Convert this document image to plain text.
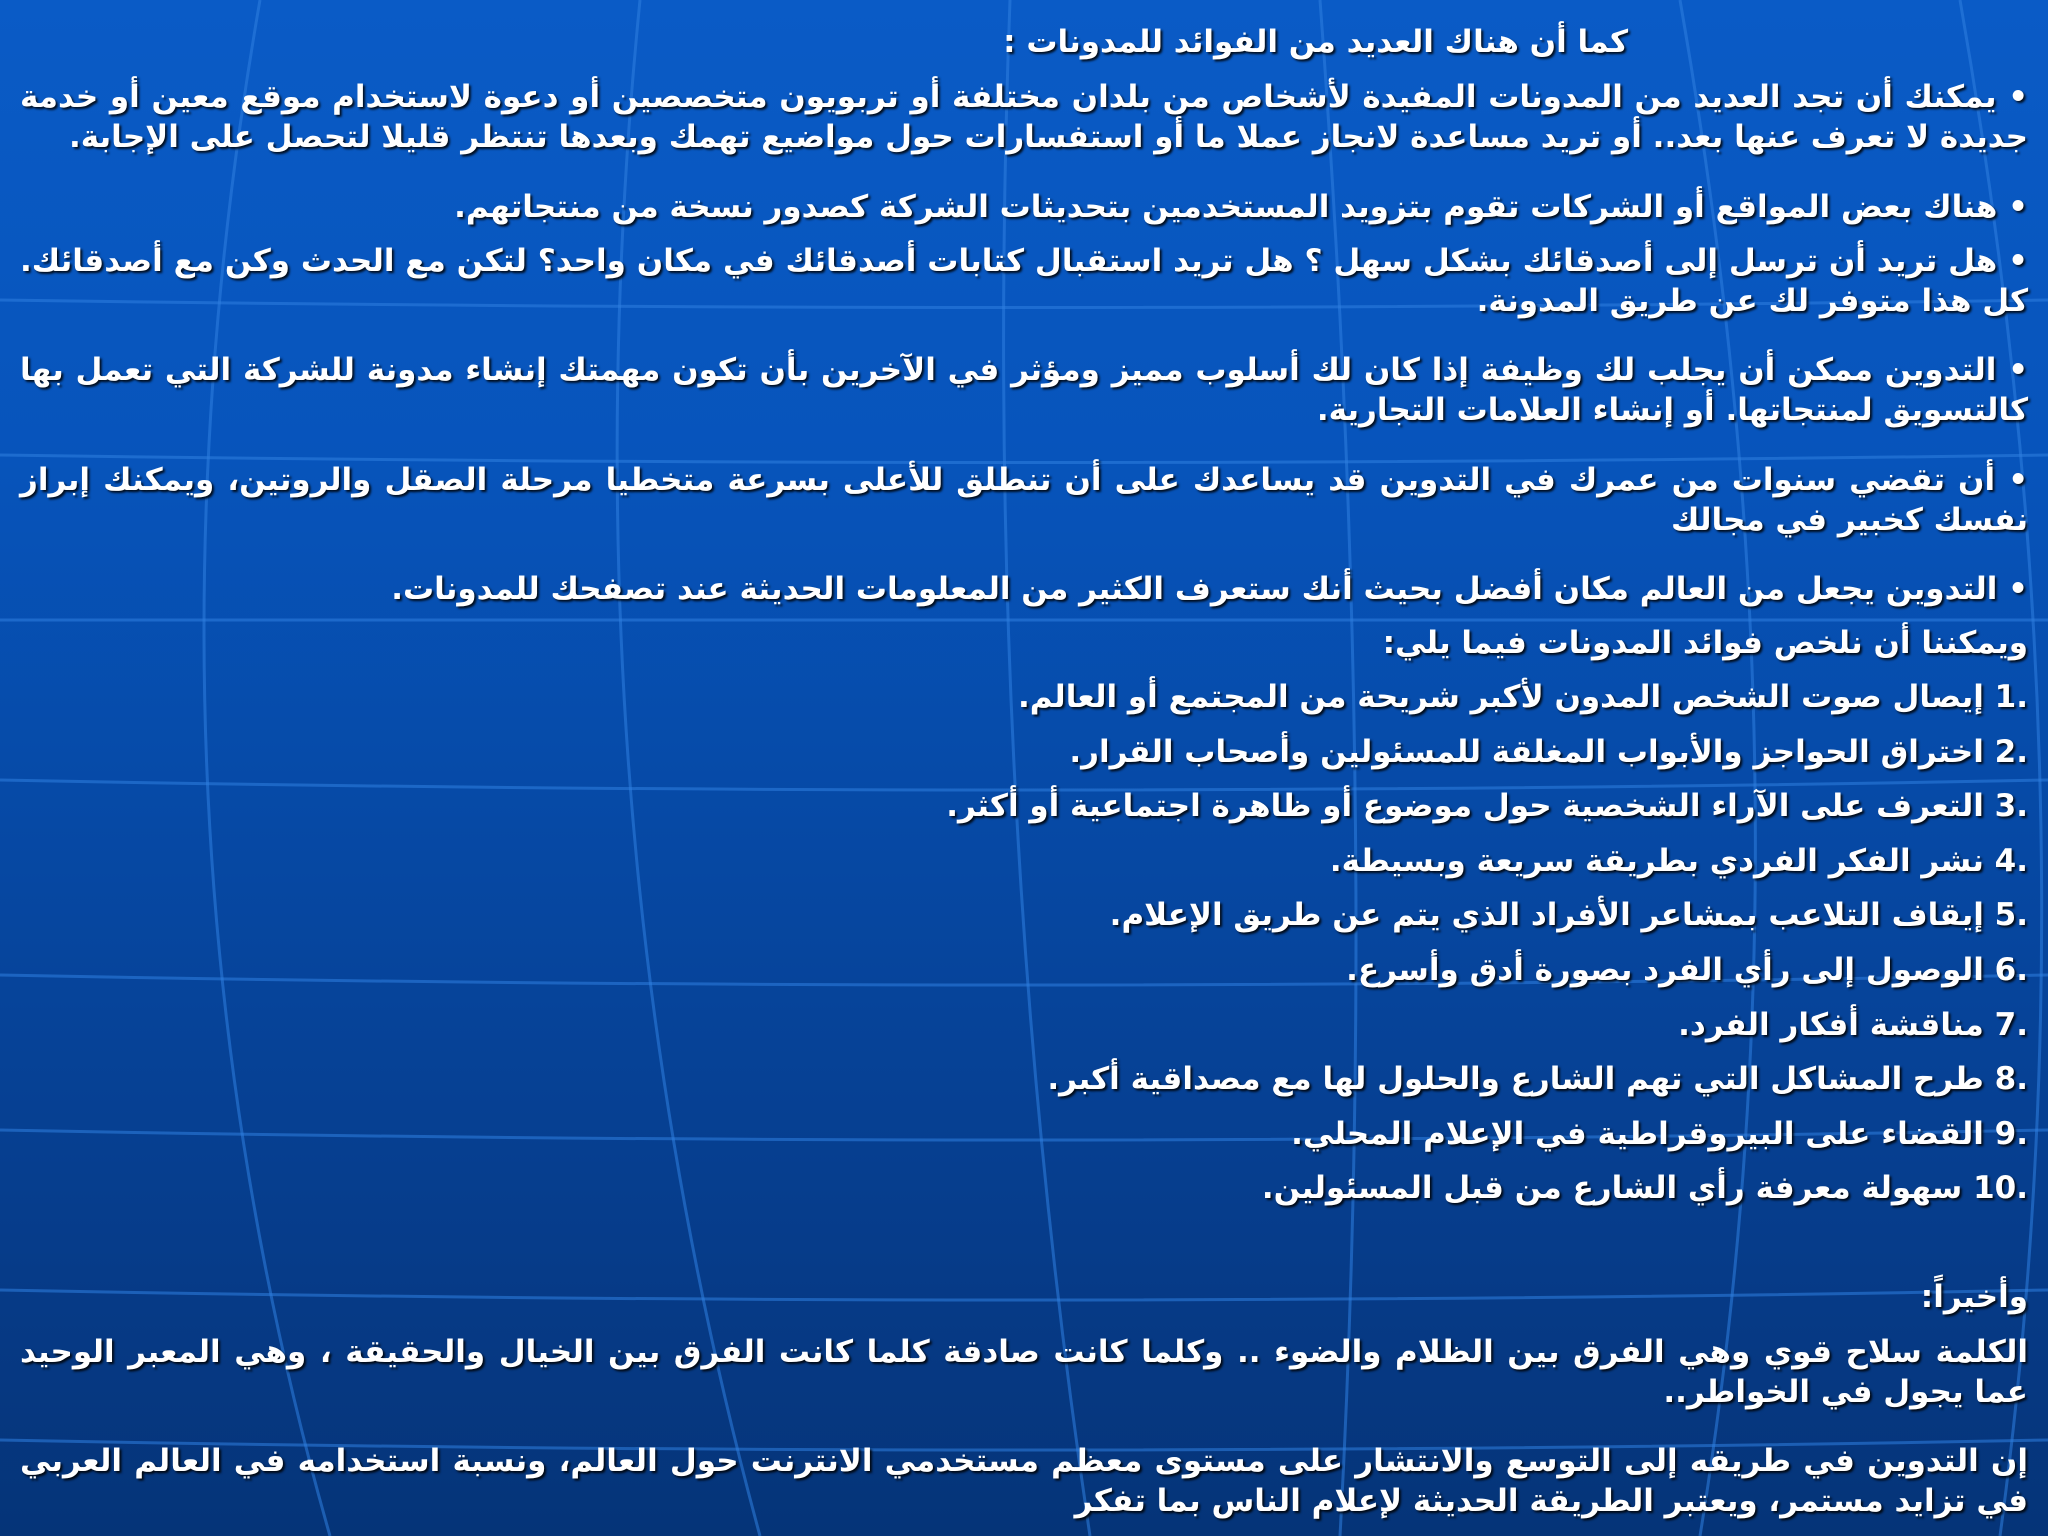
كما أن هناك العديد من الفوائد للمدونات :
• يمكنك أن تجد العديد من المدونات المفيدة لأشخاص من بلدان مختلفة أو تربويون متخصصين أو دعوة لاستخدام موقع معين أو خدمة جديدة لا تعرف عنها بعد.. أو تريد مساعدة لانجاز عملا ما أو استفسارات حول مواضيع تهمك وبعدها تنتظر قليلا لتحصل على الإجابة.
• هناك بعض المواقع أو الشركات تقوم بتزويد المستخدمين بتحديثات الشركة كصدور نسخة من منتجاتهم.
• هل تريد أن ترسل إلى أصدقائك بشكل سهل ؟ هل تريد استقبال كتابات أصدقائك في مكان واحد؟ لتكن مع الحدث وكن مع أصدقائك. كل هذا متوفر لك عن طريق المدونة.
• التدوين ممكن أن يجلب لك وظيفة إذا كان لك أسلوب مميز ومؤثر في الآخرين بأن تكون مهمتك إنشاء مدونة للشركة التي تعمل بها كالتسويق لمنتجاتها. أو إنشاء العلامات التجارية.
• أن تقضي سنوات من عمرك في التدوين قد يساعدك على أن تنطلق للأعلى بسرعة متخطيا مرحلة الصقل والروتين، ويمكنك إبراز نفسك كخبير في مجالك
• التدوين يجعل من العالم مكان أفضل بحيث أنك ستعرف الكثير من المعلومات الحديثة عند تصفحك للمدونات.
ويمكننا أن نلخص فوائد المدونات فيما يلي:
1. إيصال صوت الشخص المدون لأكبر شريحة من المجتمع أو العالم.
2. اختراق الحواجز والأبواب المغلقة للمسئولين وأصحاب القرار.
3. التعرف على الآراء الشخصية حول موضوع أو ظاهرة اجتماعية أو أكثر.
4. نشر الفكر الفردي بطريقة سريعة وبسيطة.
5. إيقاف التلاعب بمشاعر الأفراد الذي يتم عن طريق الإعلام.
6. الوصول إلى رأي الفرد بصورة أدق وأسرع.
7. مناقشة أفكار الفرد.
8. طرح المشاكل التي تهم الشارع والحلول لها مع مصداقية أكبر.
9. القضاء على البيروقراطية في الإعلام المحلي.
10. سهولة معرفة رأي الشارع من قبل المسئولين.
وأخيراً:
الكلمة سلاح قوي وهي الفرق بين الظلام والضوء .. وكلما كانت صادقة كلما كانت الفرق بين الخيال والحقيقة ، وهي المعبر الوحيد عما يجول في الخواطر..
إن التدوين في طريقه إلى التوسع والانتشار على مستوى معظم مستخدمي الانترنت حول العالم، ونسبة استخدامه في العالم العربي في تزايد مستمر، ويعتبر الطريقة الحديثة لإعلام الناس بما تفكر
